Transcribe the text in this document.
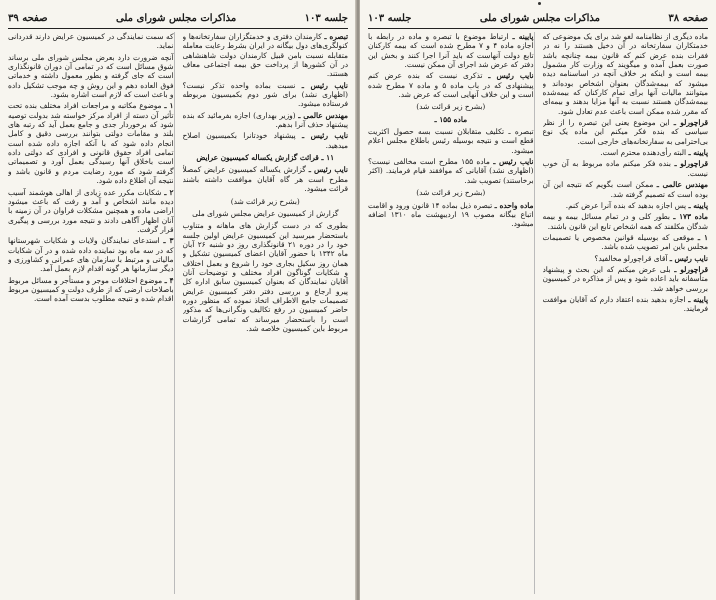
جلسه ۱۰۳
مذاکرات مجلس شورای ملی
صفحه ۳۹

تبصره ـ کارمندان دفتری و خدمتگزاران سفارتخانه‌ها و کنولگری‌های دول بیگانه در ایران بشرط رعایت معامله متقابله نسبت بامن قبیل کارمندان دولت شاهنشاهی در آن کشورها از پرداخت حق بیمه اجتماعی معاف هستند.

نایب رئیس ـ نسبت بماده واحده تذکر نیست؟ (اظهاری نشد) برای شور دوم بکمیسیون مربوطه فرستاده میشود.

مهندس عالمی ـ (وزیر بهداری) اجازه بفرمائید که بنده پیشنهاد حذف آنرا بدهم.

نایب رئیس ـ پیشنهاد خودتانرا بکمیسیون اصلاح میدهید.

۱۱ ـ قرائت گزارش یکساله کمیسیون عرایض

نایب رئیس ـ گزارش یکساله کمیسیون عرایض کمصلاً مطرح است هر گاه آقایان موافقت داشته باشند قرائت میشود.

(بشرح زیر قرائت شد)

گزارش از کمیسیون عرایض مجلس شورای ملی

بطوری که در دست گزارش های ماهانه و متناوب باستحضار میرسید این کمیسیون عرایض اولین جلسه خود را در دوره ۲۱ قانونگذاری روز دو شنبه ۲۶ آبان ماه ۱۳۴۲ با حضور آقایان اعضای کمیسیون تشکیل و همان روز سکیل بجاری خود را شروع و بعمل اختلاف و شکایات گوناگون افراد مختلف و توضیحات آنان آقایان نمایندگان که بعنوان کمیسیون سابق اداره کل پیرو ارجاع و بررسی دفتر دفتر کمیسیون عرایض تصمیمات جامع الاطراف اتخاذ نموده که منظور دوره حاضر کمیسیون در رفع تکالیف ونگرانی‌ها که مذکور است را باستحضار میرساند که تمامی گزارشات مربوط باین کمیسیون خلاصه شد.

که سمت نمایندگی در کمیسیون عرایض دارند قدردانی نماید.

آنچه ضرورت دارد بعرض مجلس شورای ملی برساند شوق مسائل است که در تمامی آن دوران قانونگذاری است که جای گرفته و بطور معمول داشته و خدماتی فوق العاده دهم و این روش و چه موجب تشکیل داده و باعث است که لازم است اشاره بشود.

۱ ـ موضوع مکاتبه و مراجعات افراد مختلف بنده تحت تأثیر آن دسته از افراد مرکز خواسته شد بدولت توصیه شود که برخوردار جدی و جامع بعمل آید که رتبه های بلند و مقامات دولتی بتوانند بررسی دقیق و کامل انجام داده شود که با آنکه اجازه داده شده است تمامی افراد حقوق قانونی و افرادی که دولتی داده است باخلاق آنها رسیدگی بعمل آورد و تصمیماتی گرفته شود که مورد رضایت مردم و قانون باشد و نتیجه آن اطلاع داده شود.

۲ ـ شکایات مکرر عده زیادی از اهالی هوشمند آسیب دیده مانند اشخاص و آمد و رفت که باعث میشود اراضی ماده و همچنین مشکلات فراوان در آن زمینه با آنان اظهار آگاهی دادند و نتیجه مورد بررسی و پیگیری قرار گرفت.

۳ ـ استدعای نمایندگان ولایات و شکایات شهرستانها که در سه ماه بود نماینده داده شده و در آن شکایات مالیاتی و مرتبط با سازمان های عمرانی و کشاورزی و دیگر سازمانها هر گونه اقدام لازم بعمل آمد.

۴ ـ موضوع اختلافات موجر و مستأجر و مسائل مربوط باصلاحات ارضی که از طرف دولت و کمیسیون مربوط اقدام شده و نتیجه مطلوب بدست آمده است.

صفحه ۳۸
مذاکرات مجلس شورای ملی
جلسه ۱۰۳

ماده دیگری از نظامنامه لغو شد برای یک موضوعی که خدمتکاران سفارتخانه در آن دخیل هستند را نه در فقرات بنده عرض کنم که قانون بیمه چنانچه باشد صورت بعمل آمده و میگویند که وزارت کار مشمول بیمه است و اینکه بر خلاف آنچه در اساسنامه دیده میشود که بیمه‌شدگان بعنوان اشخاص بوده‌اند و میتوانند مالیات آنها برای تمام کارکنان که بیمه‌شده بیمه‌شدگان هستند نسبت به آنها مزایا بدهند و بیمه‌ای که مقرر شده ممکن است باعث عدم تعادل شود.

قراچورلو ـ این موضوع یعنی این تبصره را از نظر سیاسی که بنده فکر میکنم این ماده یک نوع بی‌احترامی به سفارتخانه‌های خارجی است.

پایینه ـ البته رأی‌دهنده محترم است.

قراچورلو ـ بنده فکر میکنم ماده مربوط به آن خوب نیست.

مهندس عالمی ـ ممکن است بگویم که نتیجه این آن بوده است که تصمیم گرفته شد.

پایینه ـ پس اجازه بدهید که بنده آنرا عرض کنم.

ماده ۱۷۳ ـ بطور کلی و در تمام مسائل بیمه و بیمه شدگان مکلفند که همه اشخاص تابع این قانون باشند.

۱ ـ موقعی که بوسیله قوانین مخصوص یا تصمیمات مجلس باین امر تصویب شده باشد.

نایب رئیس ـ آقای قراچورلو مخالفید؟

قراچورلو ـ بلی عرض میکنم که این بحث و پیشنهاد متأسفانه باید اعاده شود و پس از مذاکره در کمیسیون بررسی خواهد شد.

پایینه ـ اجازه بدهید بنده اعتقاد دارم که آقایان موافقت فرمایند.

پایینه ـ ارتباط موضوع با تبصره و ماده در رابطه با اجازه ماده ۴ و ۷ مطرح شده است که بیمه کارکنان تابع دولت آنهاست که باید آنرا اجرا کنند و بخش این دفتر که عرض شد اجرای آن ممکن نیست.

نایب رئیس ـ تذکری نیست که بنده عرض کنم پیشنهادی که در باب ماده ۵ و ماده ۷ مطرح شده است و این خلاف آنهایی است که عرض شد.

(بشرح زیر قرائت شد)

ماده ۱۵۵ ـ

تبصره ـ تکلیف متقابلان نسبت بسه حصول اکثریت قطع است و نتیجه بوسیله رئیس باطلاع مجلس اعلام میشود.

نایب رئیس ـ ماده ۱۵۵ مطرح است مخالفی نیست؟ (اظهاری نشد) آقایانی که موافقند قیام فرمایند. (اکثر برخاستند) تصویب شد.

(بشرح زیر قرائت شد)

ماده واحده ـ تبصره ذیل بماده ۱۴ قانون ورود و اقامت اتباع بیگانه مصوب ۱۹ اردیبهشت ماه ۱۳۱۰ اضافه میشود.
